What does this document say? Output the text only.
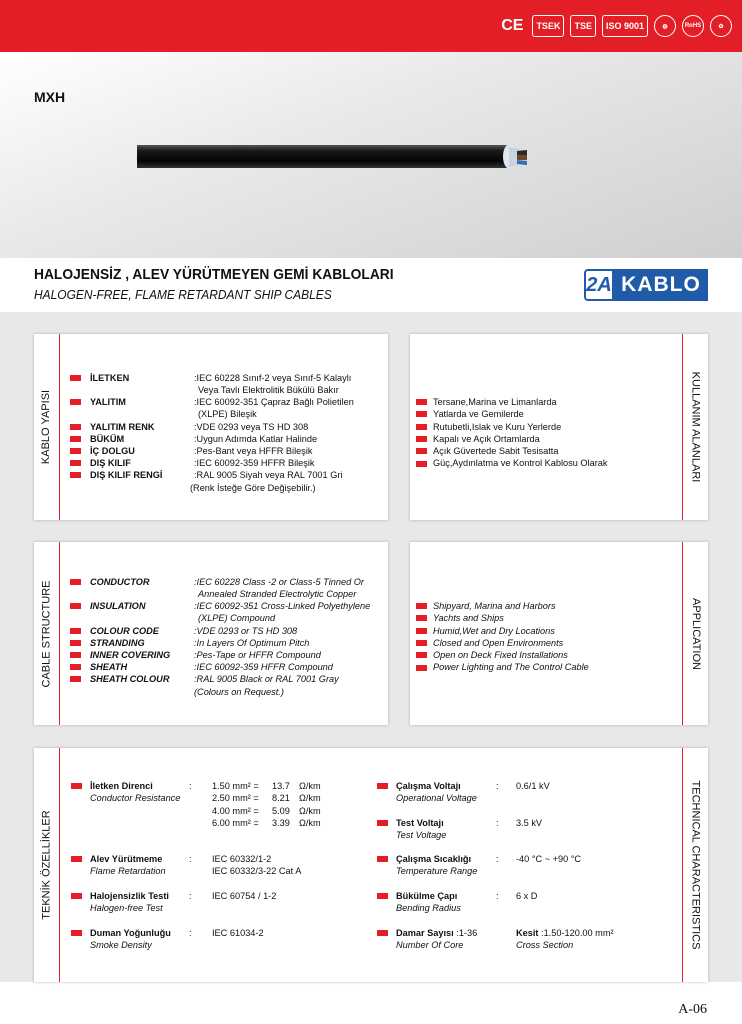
CE	TSEK	TSE	ISO 9001	◍	RoHS	✿
MXH
HALOJENSİZ , ALEV YÜRÜTMEYEN GEMİ KABLOLARI
HALOGEN-FREE, FLAME RETARDANT SHIP CABLES	2A KABLO
KABLO YAPISI
İLETKEN	:IEC 60228 Sınıf-2 veya Sınıf-5 Kalaylı
Veya Tavlı Elektrolitik Bükülü Bakır
YALITIM	:IEC 60092-351 Çapraz Bağlı Polietilen
(XLPE) Bileşik
YALITIM RENK	:VDE 0293 veya TS HD 308
BÜKÜM	:Uygun Adımda Katlar Halinde
İÇ DOLGU	:Pes-Bant veya HFFR Bileşik
DIŞ KILIF	:IEC 60092-359 HFFR Bileşik
DIŞ KILIF RENGİ	:RAL 9005 Siyah veya RAL 7001 Gri
(Renk İsteğe Göre Değişebilir.)
KULLANIM ALANLARI
Tersane,Marina ve Limanlarda
Yatlarda ve Gemilerde
Rutubetli,Islak ve Kuru Yerlerde
Kapalı ve Açık Ortamlarda
Açık Güvertede Sabit Tesisatta
Güç,Aydınlatma ve Kontrol Kablosu Olarak
CABLE STRUCTURE	CONDUCTOR	:IEC 60228 Class -2 or Class-5 Tinned Or
Annealed Stranded Electrolytic Copper
INSULATION	:IEC 60092-351 Cross-Linked Polyethylene
(XLPE) Compound
COLOUR CODE	:VDE 0293 or TS HD 308
STRANDING	:In Layers Of Optimum Pitch
INNER COVERING	:Pes-Tape or HFFR Compound
SHEATH	:IEC 60092-359 HFFR Compound
SHEATH COLOUR	:RAL 9005 Black or RAL 7001 Gray
(Colours on Request.)
APPLICATION
Shipyard, Marina and Harbors
Yachts and Ships
Humid,Wet and Dry Locations
Closed and Open Environments
Open on Deck Fixed Installations
Power Lighting and The Control Cable
TEKNİK ÖZELLİKLER	TECHNICAL CHARACTERISTICS
İletken Direnci
Conductor Resistance
: 1.50 mm² =	13.7 Ω/km
2.50 mm² =	8.21 Ω/km
4.00 mm² =	5.09 Ω/km
6.00 mm² =	3.39 Ω/km
Alev Yürütmeme
Flame Retardation
: IEC 60332/1-2
IEC 60332/3-22 Cat A
Halojensizlik Testi
Halogen-free Test
: IEC 60754 / 1-2
Duman Yoğunluğu
Smoke Density
: IEC 61034-2
Çalışma Voltajı
Operational Voltage
: 0.6/1 kV
Test Voltajı
Test Voltage
: 3.5 kV
Çalışma Sıcaklığı
Temperature Range
: -40 °C ~ +90 °C
Bükülme Çapı
Bending Radius
: 6 x D
Damar Sayısı :1-36
Number Of Core
Kesit :1.50-120.00 mm²
Cross Section
A-06
